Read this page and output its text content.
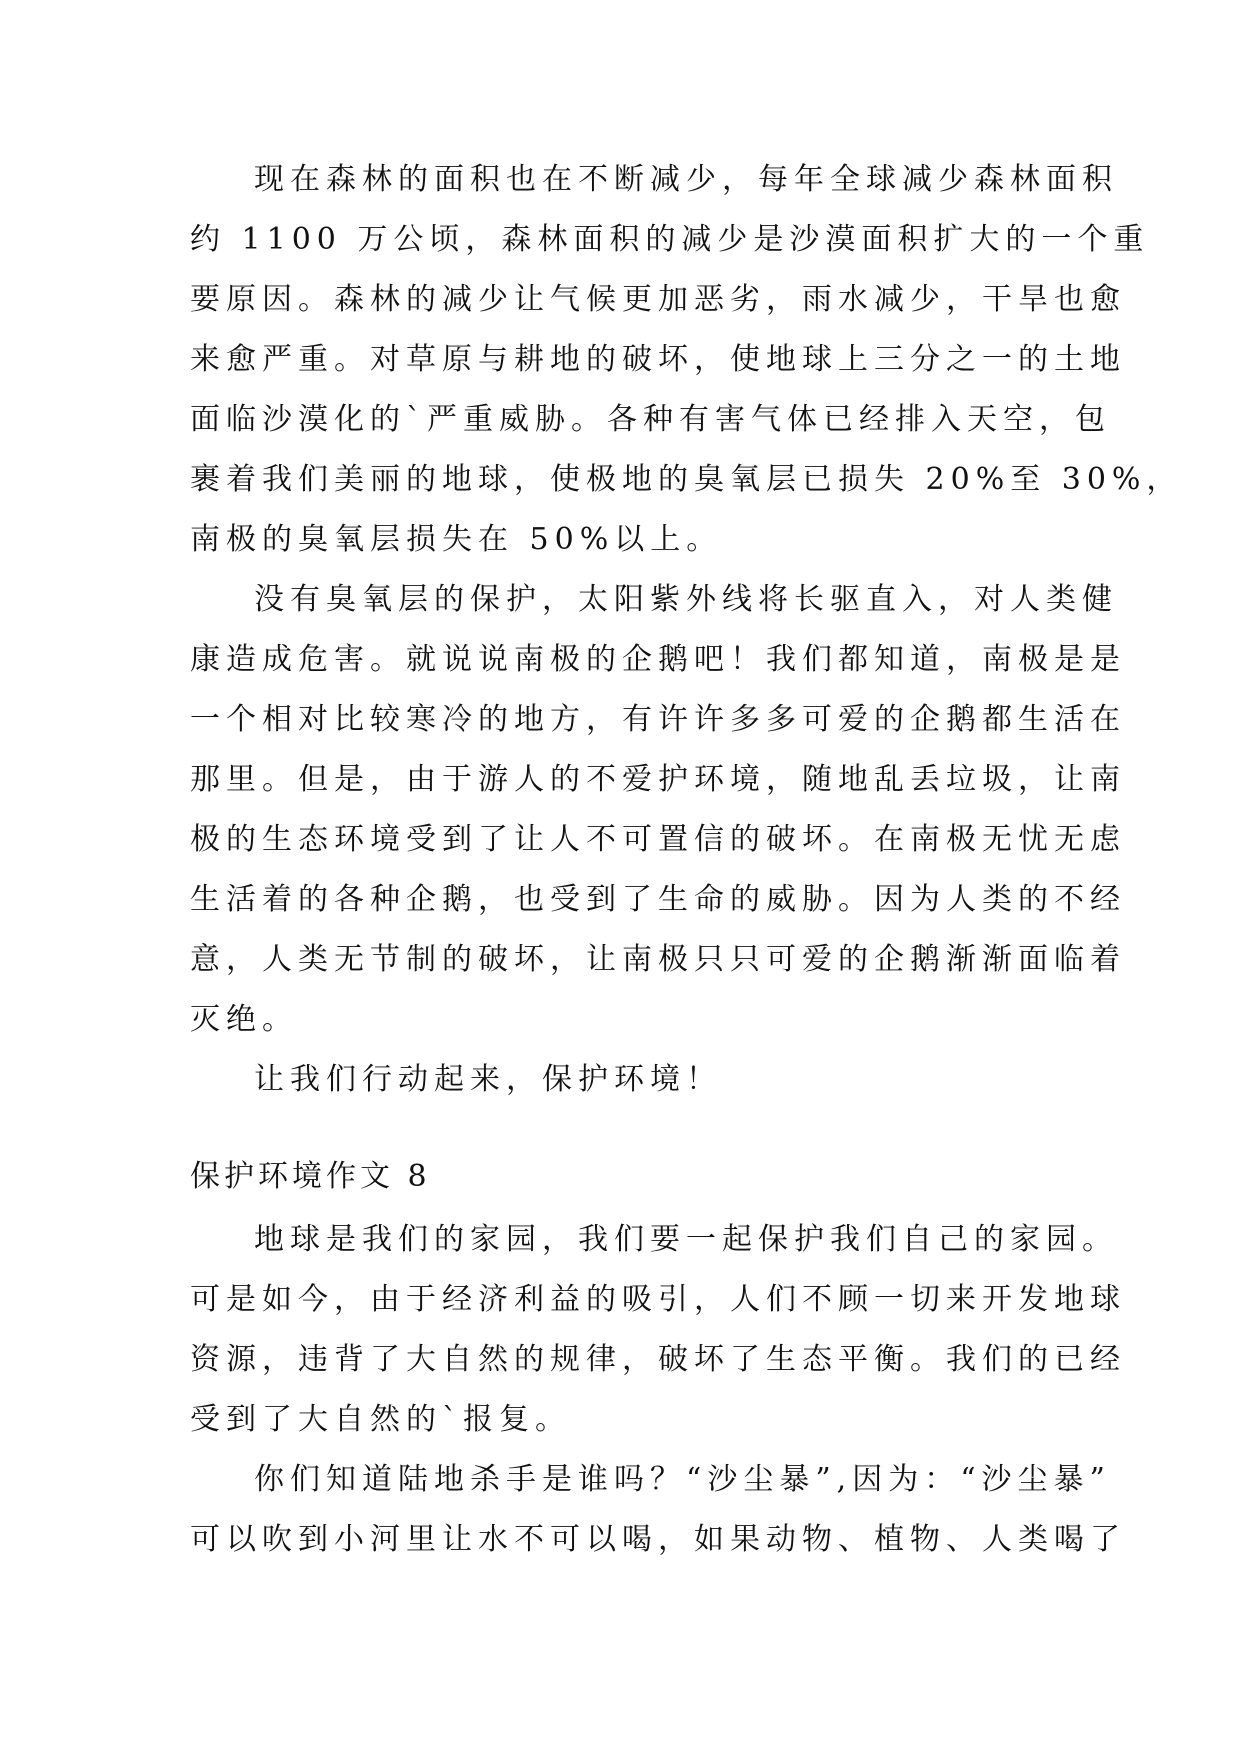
现在森林的面积也在不断减少，每年全球减少森林面积
约 1100 万公顷，森林面积的减少是沙漠面积扩大的一个重
要原因。森林的减少让气候更加恶劣，雨水减少，干旱也愈
来愈严重。对草原与耕地的破坏，使地球上三分之一的土地
面临沙漠化的`严重威胁。各种有害气体已经排入天空，包
裹着我们美丽的地球，使极地的臭氧层已损失 20%至 30%，
南极的臭氧层损失在 50%以上。
没有臭氧层的保护，太阳紫外线将长驱直入，对人类健
康造成危害。就说说南极的企鹅吧！我们都知道，南极是是
一个相对比较寒冷的地方，有许许多多可爱的企鹅都生活在
那里。但是，由于游人的不爱护环境，随地乱丢垃圾，让南
极的生态环境受到了让人不可置信的破坏。在南极无忧无虑
生活着的各种企鹅，也受到了生命的威胁。因为人类的不经
意，人类无节制的破坏，让南极只只可爱的企鹅渐渐面临着
灭绝。
让我们行动起来，保护环境！
保护环境作文 8
地球是我们的家园，我们要一起保护我们自己的家园。
可是如今，由于经济利益的吸引，人们不顾一切来开发地球
资源，违背了大自然的规律，破坏了生态平衡。我们的已经
受到了大自然的`报复。
你们知道陆地杀手是谁吗？“沙尘暴”,因为：“沙尘暴”
可以吹到小河里让水不可以喝，如果动物、植物、人类喝了
